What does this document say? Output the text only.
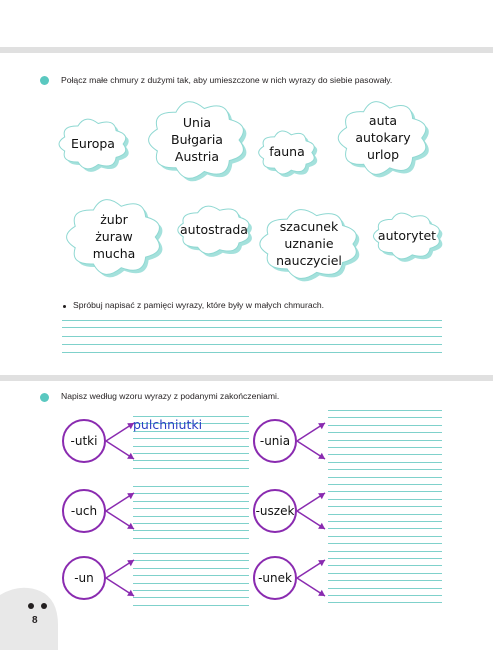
Połącz małe chmury z dużymi tak, aby umieszczone w nich wyrazy do siebie pasowały.
Europa
Unia
Bułgaria
Austria	fauna
auta
autokary
urlop
żubr
żuraw
mucha
autostrada	szacunek
uznanie
nauczyciel
autorytet
Spróbuj napisać z pamięci wyrazy, które były w małych chmurach.
Napisz według wzoru wyrazy z podanymi zakończeniami.
-utki	-unia
-uch	-uszek
-un	-unek
pulchniutki
8
